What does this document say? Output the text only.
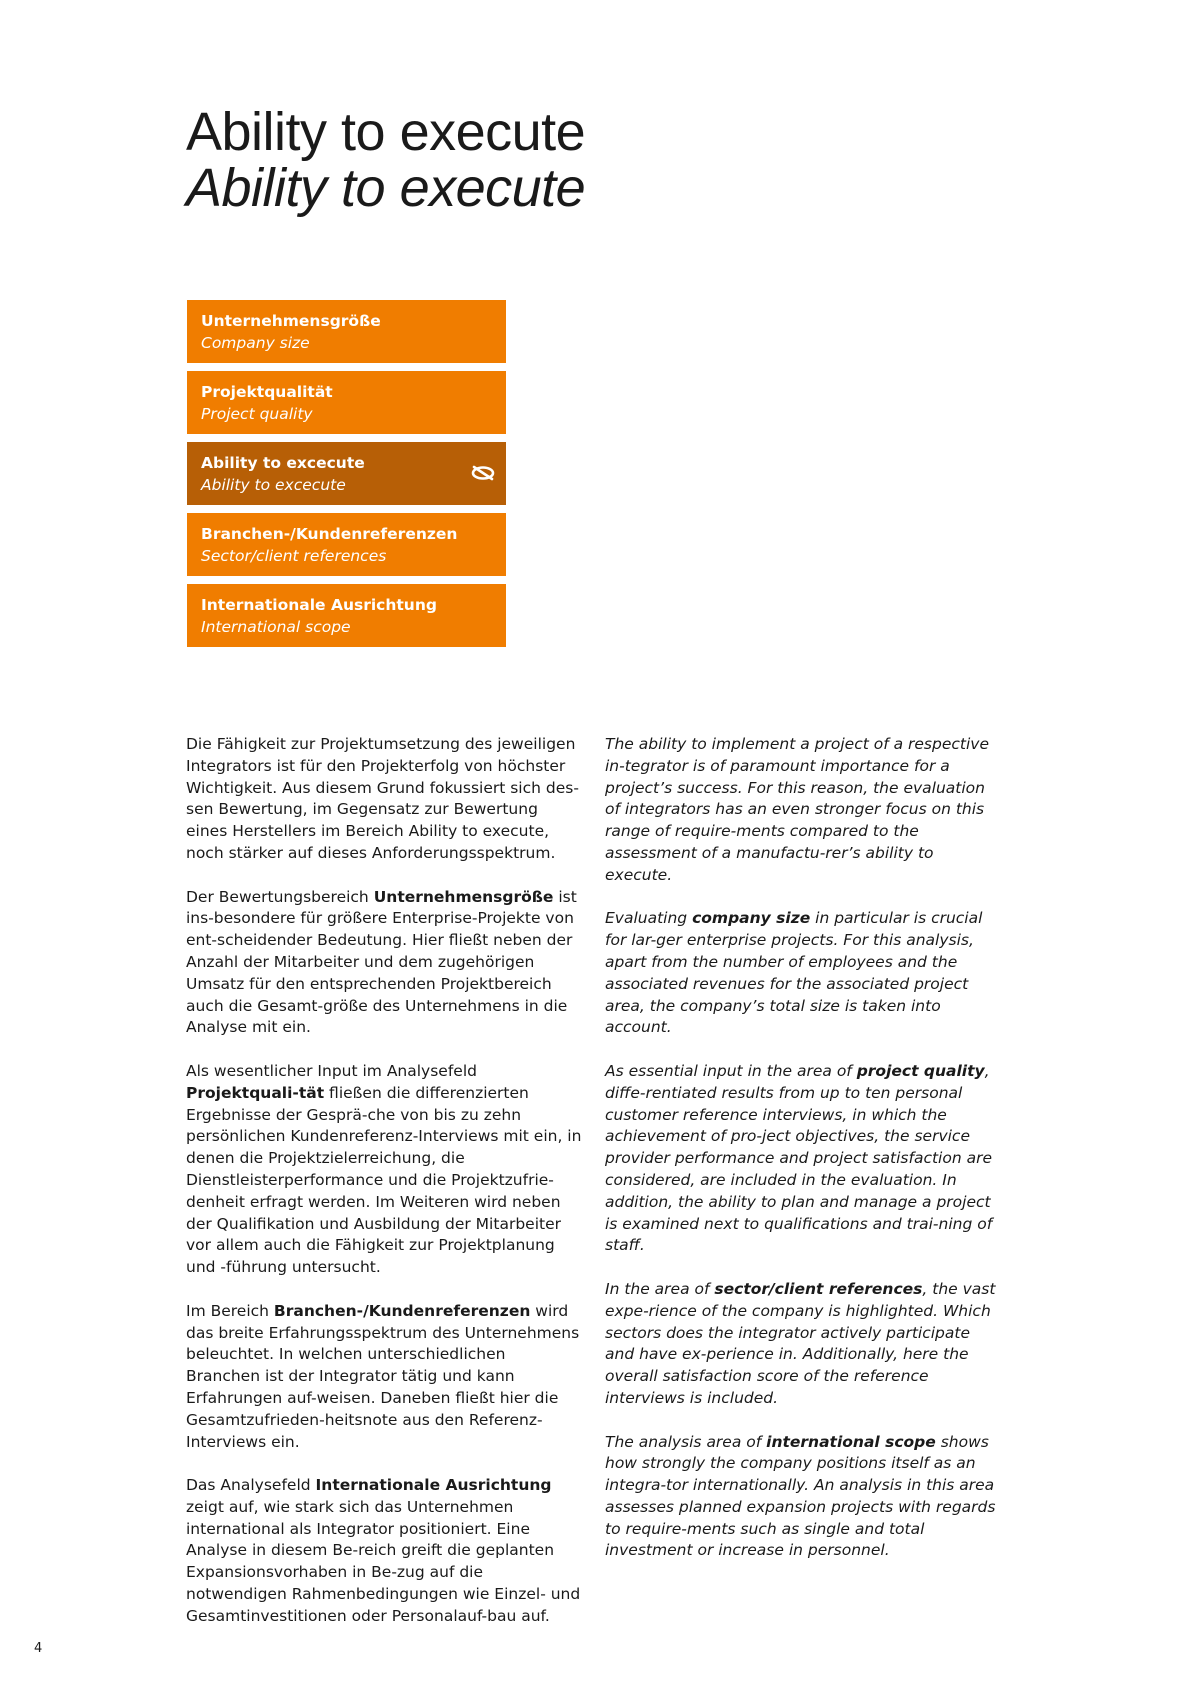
Ability to execute
Ability to execute
Unternehmensgröße
Company size
Projektqualität
Project quality
Ability to excecute
Ability to excecute
Branchen-/Kundenreferenzen
Sector/client references
Internationale Ausrichtung
International scope

Die Fähigkeit zur Projektumsetzung des jeweiligen Integrators ist für den Projekterfolg von höchster Wichtigkeit. Aus diesem Grund fokussiert sich des-sen Bewertung, im Gegensatz zur Bewertung eines Herstellers im Bereich Ability to execute, noch stärker auf dieses Anforderungsspektrum.

Der Bewertungsbereich Unternehmensgröße ist ins-besondere für größere Enterprise-Projekte von ent-scheidender Bedeutung. Hier fließt neben der Anzahl der Mitarbeiter und dem zugehörigen Umsatz für den entsprechenden Projektbereich auch die Gesamt-größe des Unternehmens in die Analyse mit ein.

Als wesentlicher Input im Analysefeld Projektquali-tät fließen die differenzierten Ergebnisse der Gesprä-che von bis zu zehn persönlichen Kundenreferenz-Interviews mit ein, in denen die Projektzielerreichung, die Dienstleisterperformance und die Projektzufrie-denheit erfragt werden. Im Weiteren wird neben der Qualifikation und Ausbildung der Mitarbeiter vor allem auch die Fähigkeit zur Projektplanung und -führung untersucht.

Im Bereich Branchen-/Kundenreferenzen wird das breite Erfahrungsspektrum des Unternehmens beleuchtet. In welchen unterschiedlichen Branchen ist der Integrator tätig und kann Erfahrungen auf-weisen. Daneben fließt hier die Gesamtzufrieden-heitsnote aus den Referenz-Interviews ein.

Das Analysefeld Internationale Ausrichtung zeigt auf, wie stark sich das Unternehmen international als Integrator positioniert. Eine Analyse in diesem Be-reich greift die geplanten Expansionsvorhaben in Be-zug auf die notwendigen Rahmenbedingungen wie Einzel- und Gesamtinvestitionen oder Personalauf-bau auf.

The ability to implement a project of a respective in-tegrator is of paramount importance for a project’s success. For this reason, the evaluation of integrators has an even stronger focus on this range of require-ments compared to the assessment of a manufactu-rer’s ability to execute.

Evaluating company size in particular is crucial for lar-ger enterprise projects. For this analysis, apart from the number of employees and the associated revenues for the associated project area, the company’s total size is taken into account.

As essential input in the area of project quality, diffe-rentiated results from up to ten personal customer reference interviews, in which the achievement of pro-ject objectives, the service provider performance and project satisfaction are considered, are included in the evaluation. In addition, the ability to plan and manage a project is examined next to qualifications and trai-ning of staff.

In the area of sector/client references, the vast expe-rience of the company is highlighted. Which sectors does the integrator actively participate and have ex-perience in. Additionally, here the overall satisfaction score of the reference interviews is included.

The analysis area of international scope shows how strongly the company positions itself as an integra-tor internationally. An analysis in this area assesses planned expansion projects with regards to require-ments such as single and total investment or increase in personnel.

4
